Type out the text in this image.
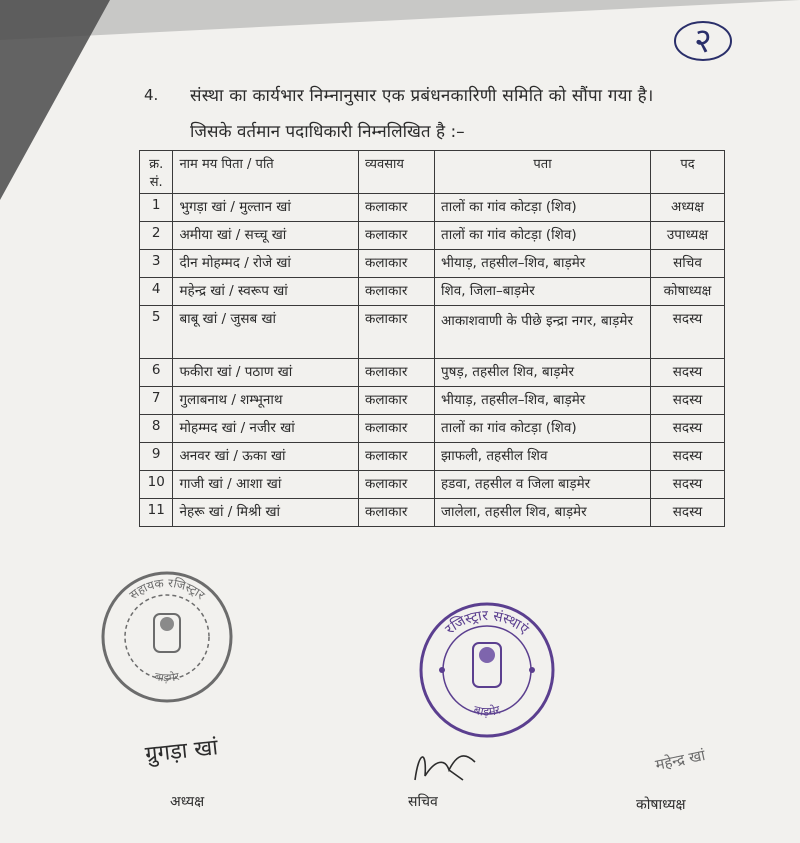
२
4. संस्था का कार्यभार निम्नानुसार एक प्रबंधनकारिणी समिति को सौंपा गया है।
जिसके वर्तमान पदाधिकारी निम्नलिखित है :–
क्र. सं.	नाम मय पिता / पति	व्यवसाय	पता	पद
1	भुगड़ा खां / मुल्तान खां	कलाकार	तालों का गांव कोटड़ा (शिव)	अध्यक्ष
2	अमीया खां / सच्चू खां	कलाकार	तालों का गांव कोटड़ा (शिव)	उपाध्यक्ष
3	दीन मोहम्मद / रोजे खां	कलाकार	भीयाड़, तहसील–शिव, बाड़मेर	सचिव
4	महेन्द्र खां / स्वरूप खां	कलाकार	शिव, जिला–बाड़मेर	कोषाध्यक्ष
5	बाबू खां / जुसब खां	कलाकार	आकाशवाणी के पीछे इन्द्रा नगर, बाड़मेर	सदस्य
6	फकीरा खां / पठाण खां	कलाकार	पुषड़, तहसील शिव, बाड़मेर	सदस्य
7	गुलाबनाथ / शम्भूनाथ	कलाकार	भीयाड़, तहसील–शिव, बाड़मेर	सदस्य
8	मोहम्मद खां / नजीर खां	कलाकार	तालों का गांव कोटड़ा (शिव)	सदस्य
9	अनवर खां / ऊका खां	कलाकार	झाफली, तहसील शिव	सदस्य
10	गाजी खां / आशा खां	कलाकार	हडवा, तहसील व जिला बाड़मेर	सदस्य
11	नेहरू खां / मिश्री खां	कलाकार	जालेला, तहसील शिव, बाड़मेर	सदस्य
सहायक रजिस्ट्रार
बाड़मेर
रजिस्ट्रार संस्थाएं
बाड़मेर
ग्रुगड़ा खां	महेन्द्र खां
अध्यक्ष	सचिव	कोषाध्यक्ष
